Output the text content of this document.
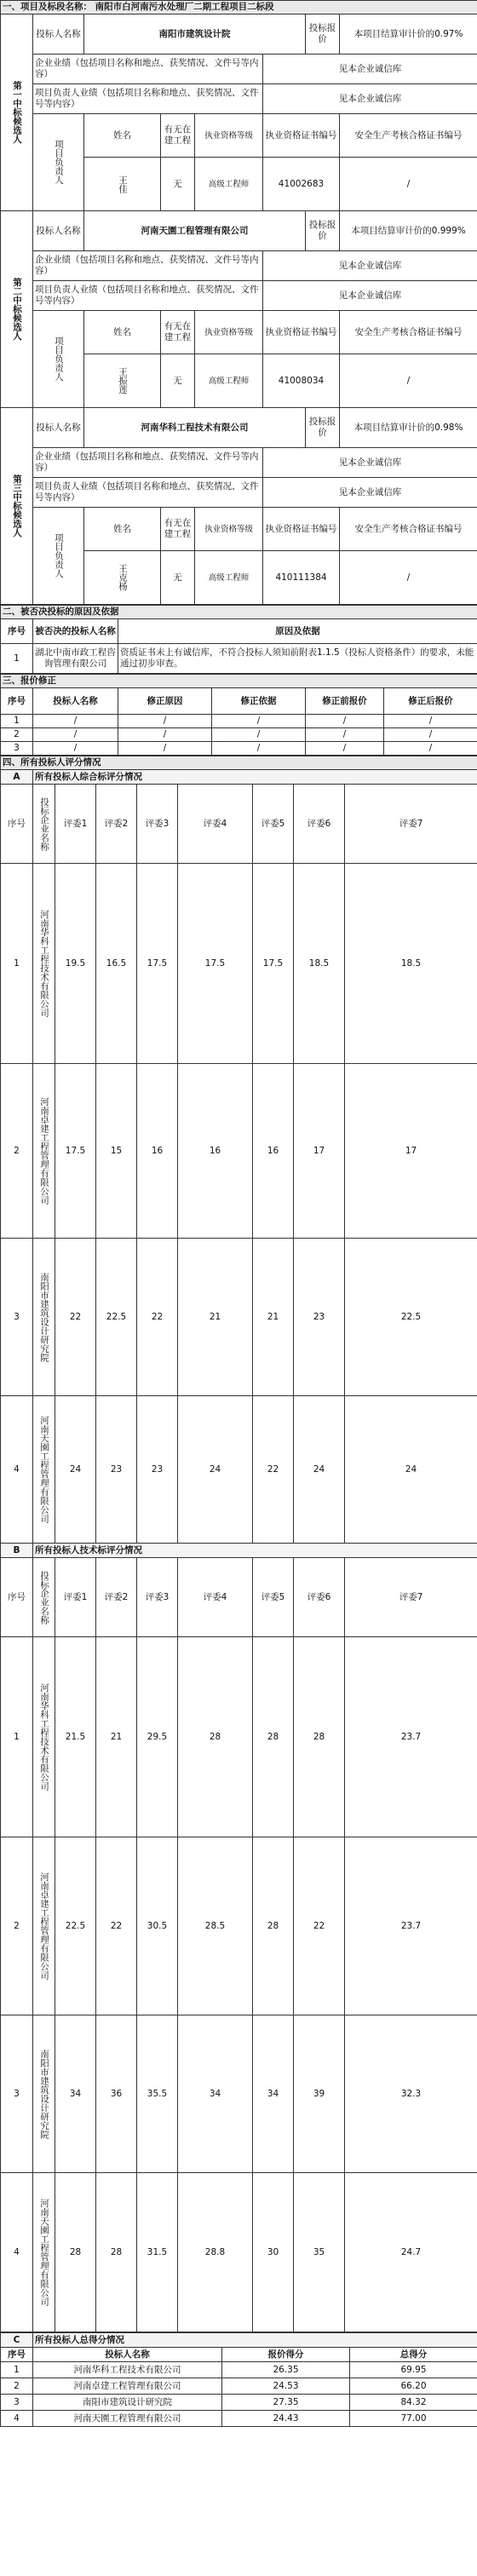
一、项目及标段名称： 南阳市白河南污水处理厂二期工程项目二标段							
第一中标候选人	投标人名称	南阳市建筑设计院				投标报价	本项目结算审计价的0.97%
	企业业绩（包括项目名称和地点、获奖情况、文件号等内容）				见本企业诚信库		
	项目负责人业绩（包括项目名称和地点、获奖情况、文件号等内容）				见本企业诚信库		
	项目负责人	姓名	有无在建工程	执业资格等级	执业资格证书编号		安全生产考核合格证书编号
		王佳	无	高级工程师	41002683		/
第二中标候选人	投标人名称	河南天園工程管理有限公司				投标报价	本项目结算审计价的0.999%
	企业业绩（包括项目名称和地点、获奖情况、文件号等内容）				见本企业诚信库		
	项目负责人业绩（包括项目名称和地点、获奖情况、文件号等内容）				见本企业诚信库		
	项目负责人	姓名	有无在建工程	执业资格等级	执业资格证书编号		安全生产考核合格证书编号
		王振莲	无	高级工程师	41008034		/
第三中标候选人	投标人名称	河南华科工程技术有限公司				投标报价	本项目结算审计价的0.98%
	企业业绩（包括项目名称和地点、获奖情况、文件号等内容）				见本企业诚信库		
	项目负责人业绩（包括项目名称和地点、获奖情况、文件号等内容）				见本企业诚信库		
	项目负责人	姓名	有无在建工程	执业资格等级	执业资格证书编号		安全生产考核合格证书编号
		王克杨	无	高级工程师	410111384		/
二、被否决投标的原因及依据		
序号	被否决的投标人名称	原因及依据
1	湖北中南市政工程咨询管理有限公司	资质证书未上有诚信库，不符合投标人须知前附表1.1.5（投标人资格条件）的要求，未能通过初步审查。
三、报价修正					
序号	投标人名称	修正原因	修正依据	修正前报价	修正后报价
1	/	/	/	/	/
2	/	/	/	/	/
3	/	/	/	/	/
四、所有投标人评分情况								
A	所有投标人综合标评分情况							
序号	投标企业名称	评委1	评委2	评委3	评委4	评委5	评委6	评委7
1	河南华科工程技术有限公司	19.5	16.5	17.5	17.5	17.5	18.5	18.5
2	河南卓建工程管理有限公司	17.5	15	16	16	16	17	17
3	南阳市建筑设计研究院	22	22.5	22	21	21	23	22.5
4	河南天園工程管理有限公司	24	23	23	24	22	24	24
B	所有投标人技术标评分情况							
序号	投标企业名称	评委1	评委2	评委3	评委4	评委5	评委6	评委7
1	河南华科工程技术有限公司	21.5	21	29.5	28	28	28	23.7
2	河南卓建工程管理有限公司	22.5	22	30.5	28.5	28	22	23.7
3	南阳市建筑设计研究院	34	36	35.5	34	34	39	32.3
4	河南天園工程管理有限公司	28	28	31.5	28.8	30	35	24.7
C	所有投标人总得分情况		
序号	投标人名称	报价得分	总得分
1	河南华科工程技术有限公司	26.35	69.95
2	河南卓建工程管理有限公司	24.53	66.20
3	南阳市建筑设计研究院	27.35	84.32
4	河南天園工程管理有限公司	24.43	77.00
